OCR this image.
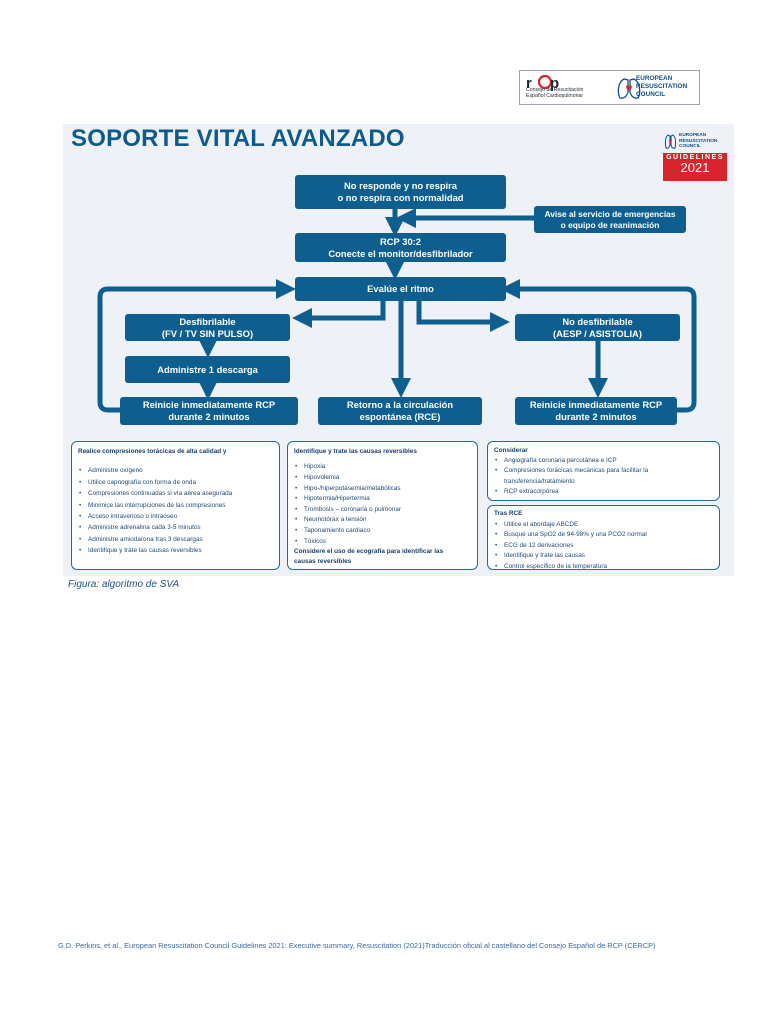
r p
Consejo de Resucitación
Español Cardiopulmonar
EUROPEAN
RESUSCITATION
COUNCIL
SOPORTE VITAL AVANZADO	EUROPEAN
RESUSCITATION
COUNCIL
GUIDELINES
2021
No responde y no respira
o no respira con normalidad
Avise al servicio de emergencias
o equipo de reanimación
RCP 30:2
Conecte el monitor/desfibrilador
Evalúe el ritmo
Desfibrilable
(FV / TV SIN PULSO)
No desfibrilable
(AESP / ASISTOLIA)
Administre 1 descarga
Reinicie inmediatamente RCP
durante 2 minutos
Retorno a la circulación
espontánea (RCE)
Reinicie inmediatamente RCP
durante 2 minutos
Realice compresiones torácicas de alta calidad y
• Administre oxígeno
• Utilice capnografía con forma de onda
• Compresiones continuadas si vía aérea asegurada
• Minimice las interrupciones de las compresiones
• Acceso intravenoso o intraóseo
• Administre adrenalina cada 3-5 minutos
• Administre amiodarona tras 3 descargas
• Identifique y trate las causas reversibles
Identifique y trate las causas reversibles
• Hipoxia
• Hipovolemia
• Hipo-/hiperpotasemia/metabólicas
• Hipotermia/Hipertermia
• Trombosis – coronaria o pulmonar
• Neumotórax a tensión
• Taponamiento cardiaco
• Tóxicos
Considere el uso de ecografía para identificar las
causas reversibles
Considerar
• Angiografía coronaria percutánea e ICP
• Compresiones torácicas mecánicas para facilitar la transferencia/tratamiento
• RCP extracorpórea
Tras RCE
• Utilice el abordaje ABCDE
• Busque una SpO2 de 94-98% y una PCO2 normal
• ECG de 12 derivaciones
• Identifique y trate las causas
• Control específico de la temperatura
Figura: algoritmo de SVA
G.D. Perkins, et al., European Resuscitation Council Guidelines 2021: Executive summary, Resuscitation (2021)Traducción oficial al castellano del Consejo Español de RCP (CERCP)
